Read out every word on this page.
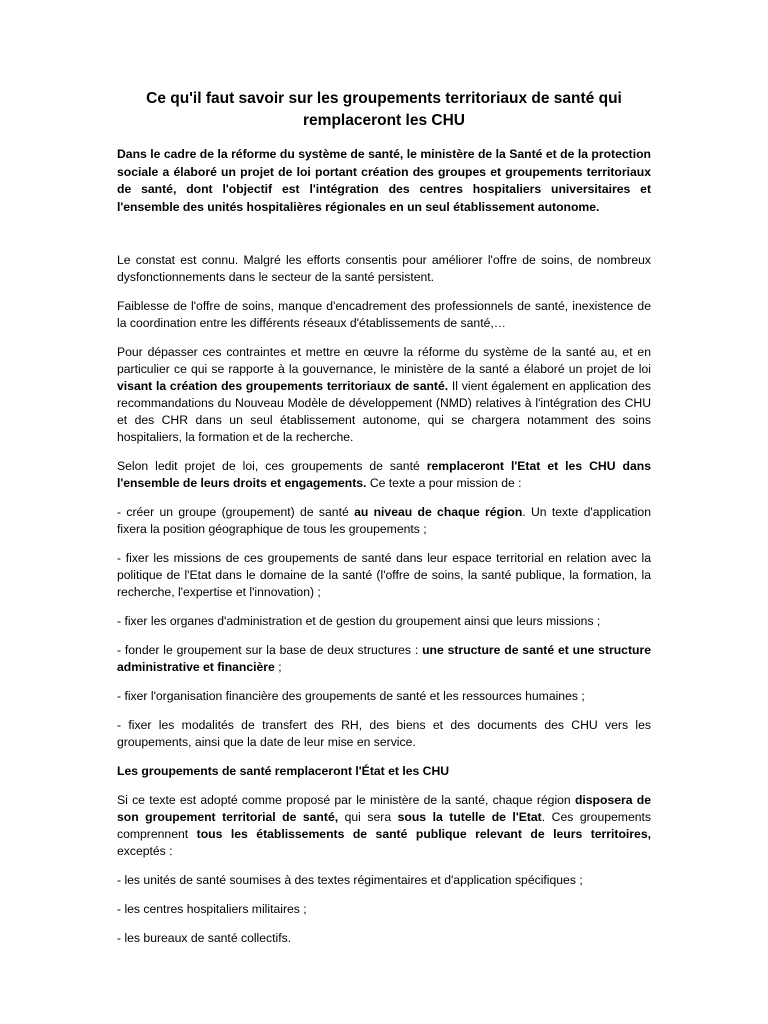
Ce qu'il faut savoir sur les groupements territoriaux de santé qui remplaceront les CHU

Dans le cadre de la réforme du système de santé, le ministère de la Santé et de la protection sociale a élaboré un projet de loi portant création des groupes et groupements territoriaux de santé, dont l'objectif est l'intégration des centres hospitaliers universitaires et l'ensemble des unités hospitalières régionales en un seul établissement autonome.

Le constat est connu. Malgré les efforts consentis pour améliorer l'offre de soins, de nombreux dysfonctionnements dans le secteur de la santé persistent.

Faiblesse de l'offre de soins, manque d'encadrement des professionnels de santé, inexistence de la coordination entre les différents réseaux d'établissements de santé,…

Pour dépasser ces contraintes et mettre en œuvre la réforme du système de la santé au, et en particulier ce qui se rapporte à la gouvernance, le ministère de la santé a élaboré un projet de loi visant la création des groupements territoriaux de santé. Il vient également en application des recommandations du Nouveau Modèle de développement (NMD) relatives à l'intégration des CHU et des CHR dans un seul établissement autonome, qui se chargera notamment des soins hospitaliers, la formation et de la recherche.

Selon ledit projet de loi, ces groupements de santé remplaceront l'Etat et les CHU dans l'ensemble de leurs droits et engagements. Ce texte a pour mission de :

- créer un groupe (groupement) de santé au niveau de chaque région. Un texte d'application fixera la position géographique de tous les groupements ;

- fixer les missions de ces groupements de santé dans leur espace territorial en relation avec la politique de l'Etat dans le domaine de la santé (l'offre de soins, la santé publique, la formation, la recherche, l'expertise et l'innovation) ;

- fixer les organes d'administration et de gestion du groupement ainsi que leurs missions ;

- fonder le groupement sur la base de deux structures : une structure de santé et une structure administrative et financière ;

- fixer l'organisation financière des groupements de santé et les ressources humaines ;

- fixer les modalités de transfert des RH, des biens et des documents des CHU vers les groupements, ainsi que la date de leur mise en service.

Les groupements de santé remplaceront l'État et les CHU

Si ce texte est adopté comme proposé par le ministère de la santé, chaque région disposera de son groupement territorial de santé, qui sera sous la tutelle de l'Etat. Ces groupements comprennent tous les établissements de santé publique relevant de leurs territoires, exceptés :

- les unités de santé soumises à des textes régimentaires et d'application spécifiques ;

- les centres hospitaliers militaires ;

- les bureaux de santé collectifs.
